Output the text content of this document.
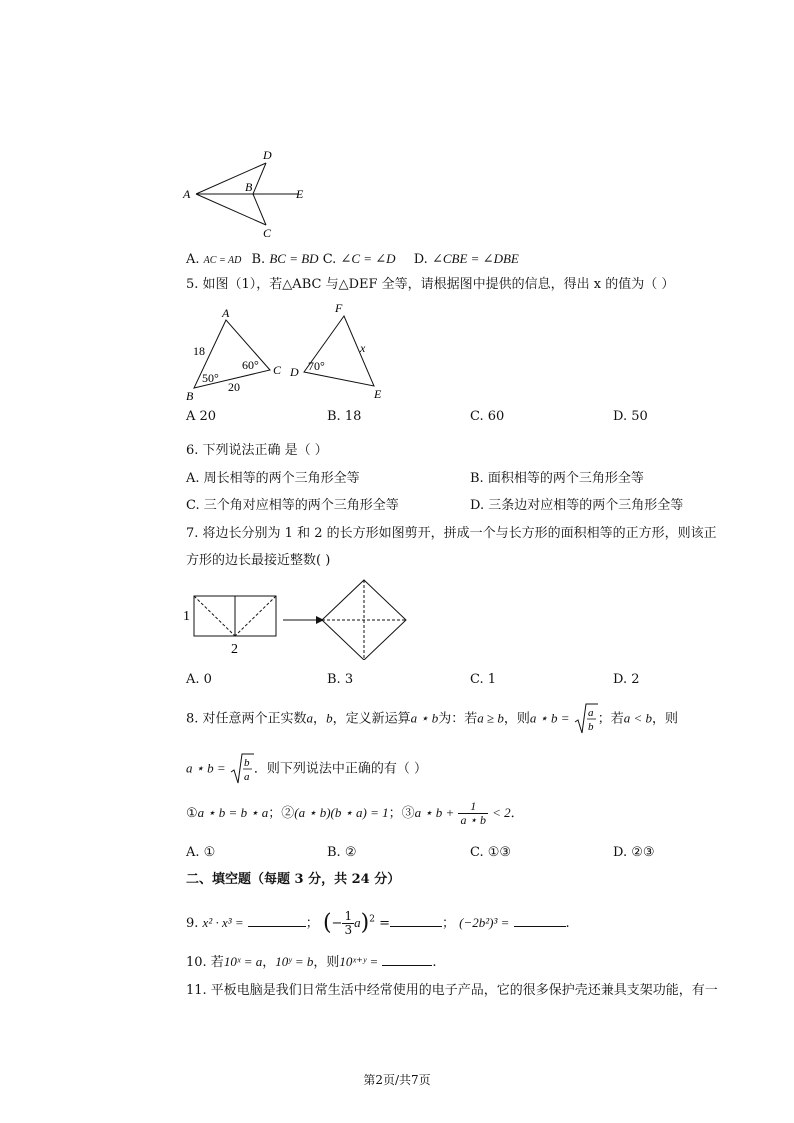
A	B
C
D
E
A. AC = AD B. BC = BD C. ∠C = ∠D D. ∠CBE = ∠DBE
5. 如图（1），若△ABC 与△DEF 全等，请根据图中提供的信息，得出 x 的值为（ ）
A
B
C
18
20
50°
60°
F
D
E
x
70°
A 20	B. 18	C. 60	D. 50
6. 下列说法正确 是（ ）
A. 周长相等的两个三角形全等	B. 面积相等的两个三角形全等
C. 三个角对应相等的两个三角形全等	D. 三条边对应相等的两个三角形全等
7. 将边长分别为 1 和 2 的长方形如图剪开，拼成一个与长方形的面积相等的正方形，则该正
方形的边长最接近整数( )
1
2
A. 0	B. 3	C. 1	D. 2
8. 对任意两个正实数a，b，定义新运算a ⋆ b为：若a ≥ b，则a ⋆ b = a
b
；若a < b，则
a ⋆ b = b
a
．则下列说法中正确的有（ ）
①a ⋆ b = b ⋆ a；②(a ⋆ b)(b ⋆ a) = 1；③a ⋆ $b + \frac{1}{a ⋆ b} < 2$．
A. ①	B. ②	C. ①③	D. ②③
二、填空题（每题 3 分，共 24 分）
9. x² · x³ =	； (− $\frac{1}{3} a)^2$ =	； (−2b²)³ =	.
10. 若10ˣ = a，10ʸ = b，则10ˣ⁺ʸ =	.
11. 平板电脑是我们日常生活中经常使用的电子产品，它的很多保护壳还兼具支架功能，有一
第2页/共7页
